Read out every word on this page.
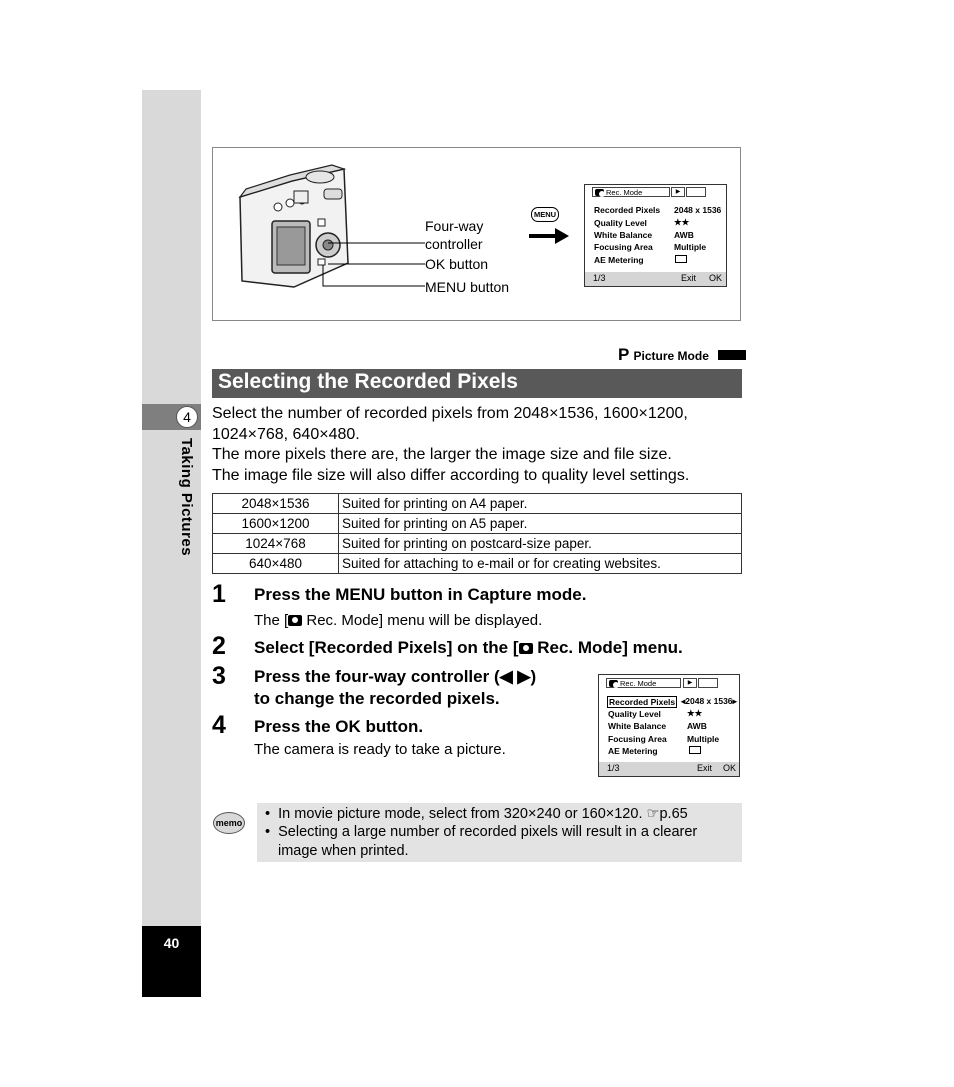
4
Taking Pictures
40
Four-way
controller
OK button
MENU button
MENU
Rec. Mode	▶
Recorded Pixels 2048 x 1536
Quality Level	★★
White Balance	AWB
Focusing Area	Multiple
AE Metering
1/3	Exit OK
P Picture Mode
Selecting the Recorded Pixels
Select the number of recorded pixels from 2048×1536, 1600×1200,
1024×768, 640×480.
The more pixels there are, the larger the image size and file size.
The image file size will also differ according to quality level settings.
2048×1536	Suited for printing on A4 paper.
1600×1200	Suited for printing on A5 paper.
1024×768	Suited for printing on postcard-size paper.
640×480	Suited for attaching to e-mail or for creating websites.
1 Press the MENU button in Capture mode.
The [ Rec. Mode] menu will be displayed.
2 Select [Recorded Pixels] on the [ Rec. Mode] menu.
3 Press the four-way controller (◀ ▶)
to change the recorded pixels.
4 Press the OK button.
The camera is ready to take a picture.
Rec. Mode	▶
Recorded Pixels ◂2048 x 1536▸
Quality Level	★★
White Balance AWB
Focusing Area Multiple
AE Metering
1/3	Exit OK
memo
•  In movie picture mode, select from 320×240 or 160×120. ☞p.65
•  Selecting a large number of recorded pixels will result in a clearer
image when printed.
